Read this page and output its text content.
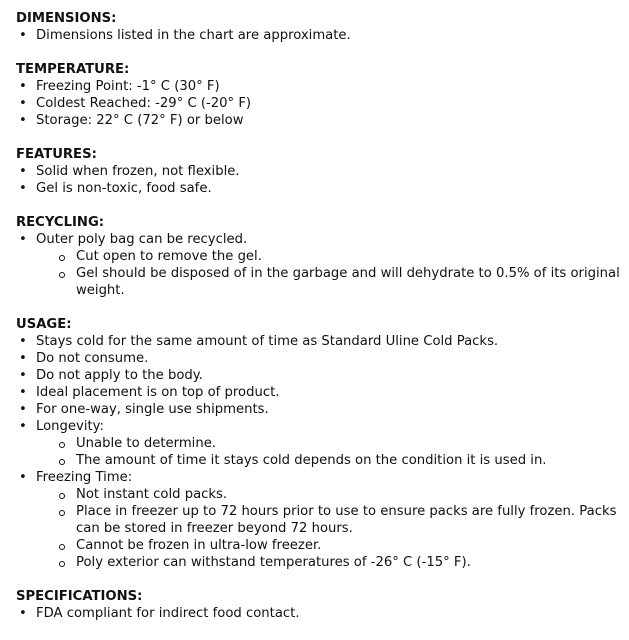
DIMENSIONS:
• Dimensions listed in the chart are approximate.
TEMPERATURE:
• Freezing Point: -1° C (30° F)
• Coldest Reached: -29° C (-20° F)
• Storage: 22° C (72° F) or below
FEATURES:
• Solid when frozen, not flexible.
• Gel is non-toxic, food safe.
RECYCLING:
• Outer poly bag can be recycled.
Cut open to remove the gel.
Gel should be disposed of in the garbage and will dehydrate to 0.5% of its original weight.
USAGE:
• Stays cold for the same amount of time as Standard Uline Cold Packs.
• Do not consume.
• Do not apply to the body.
• Ideal placement is on top of product.
• For one-way, single use shipments.
• Longevity:
Unable to determine.
The amount of time it stays cold depends on the condition it is used in.
• Freezing Time:
Not instant cold packs.
Place in freezer up to 72 hours prior to use to ensure packs are fully frozen. Packs can be stored in freezer beyond 72 hours.
Cannot be frozen in ultra-low freezer.
Poly exterior can withstand temperatures of -26° C (-15° F).
SPECIFICATIONS:
• FDA compliant for indirect food contact.
